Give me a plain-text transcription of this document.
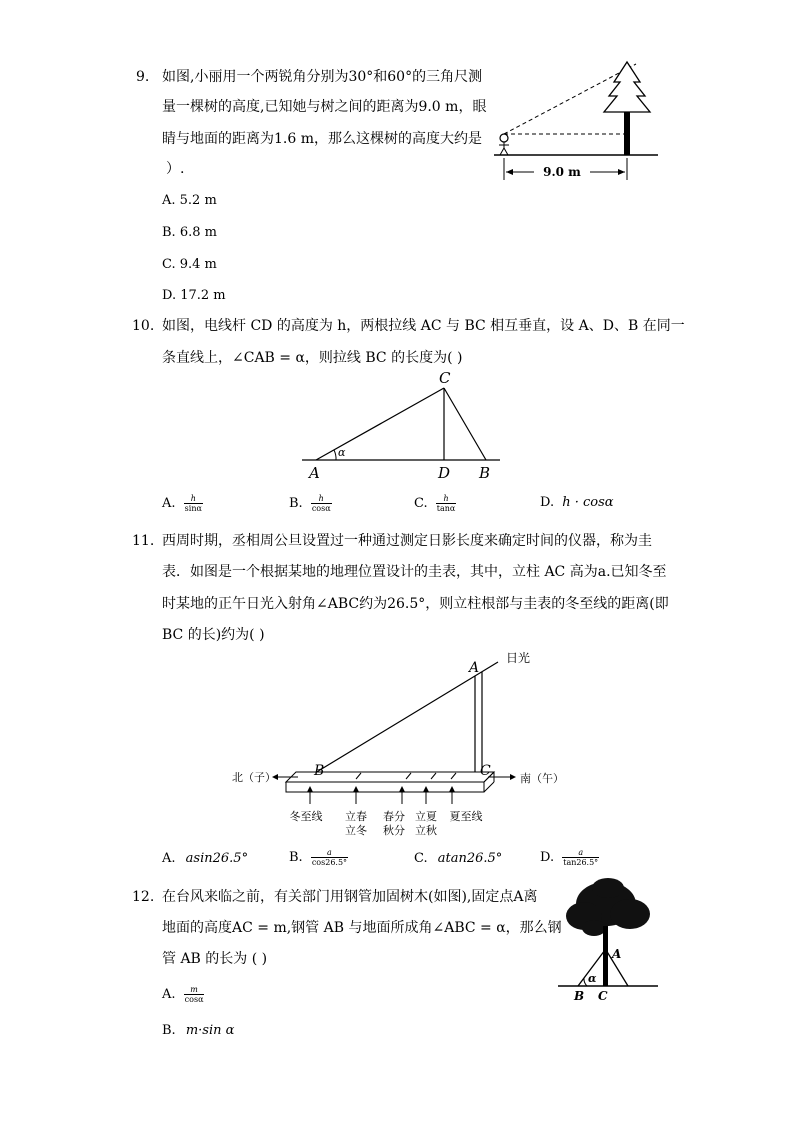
9. 如图,小丽用一个两锐角分别为30°和60°的三角尺测
量一棵树的高度,已知她与树之间的距离为9.0 m，眼
睛与地面的距离为1.6 m，那么这棵树的高度大约是
）.
A. 5.2 m
B. 6.8 m
C. 9.4 m
D. 17.2 m
9.0 m
10. 如图，电线杆 CD 的高度为 h，两根拉线 AC 与 BC 相互垂直，设 A、D、B 在同一
条直线上，∠CAB = α，则拉线 BC 的长度为( )
α
A	D B
C
A. $\frac{h}{\sin\alpha}$	B. $\frac{h}{\cos\alpha}$	C. $\frac{h}{\tan\alpha}$	D. h · cosα
11. 西周时期，丞相周公旦设置过一种通过测定日影长度来确定时间的仪器，称为圭
表．如图是一个根据某地的地理位置设计的圭表，其中，立柱 AC 高为a.已知冬至
时某地的正午日光入射角∠ABC约为26.5°，则立柱根部与圭表的冬至线的距离(即
BC 的长)约为( )
A
日光
北（子）	B	C
冬至线 立春 春分 立夏 夏至线
立冬 秋分 立秋
南（午）
A. asin26.5°	B. $\frac{a}{\cos 26.5^\circ}$	C. atan26.5°	D. $\frac{a}{\tan 26.5^\circ}$
12. 在台风来临之前，有关部门用钢管加固树木(如图),固定点A离
地面的高度AC = m,钢管 AB 与地面所成角∠ABC = α，那么钢
管 AB 的长为 ( )
A. $\frac{m}{\cos\alpha}$
B. m·sin α
α
A
B C
